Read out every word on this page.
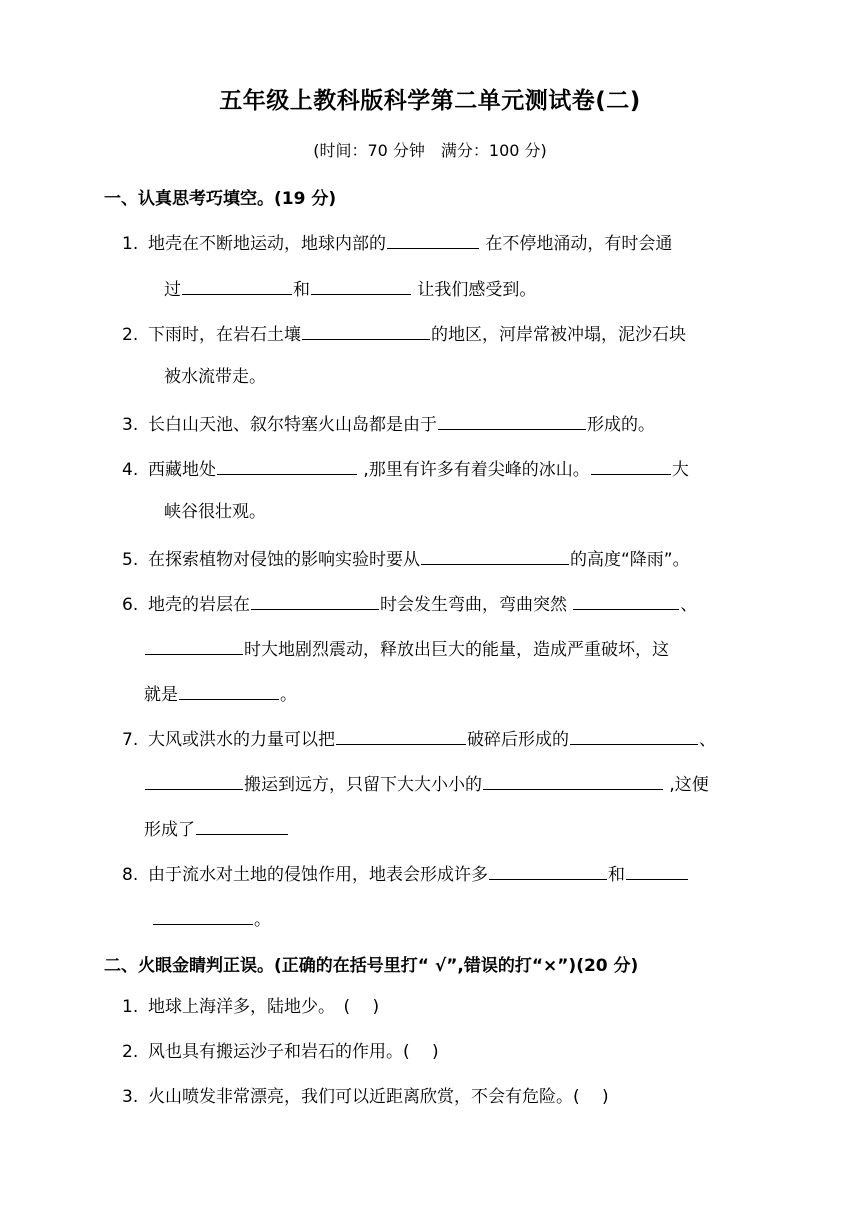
五年级上教科版科学第二单元测试卷(二)
(时间：70 分钟　满分：100 分)
一、认真思考巧填空。(19 分)
1. 地壳在不断地运动，地球内部的	在不停地涌动，有时会通
过	和	让我们感受到。
2. 下雨时，在岩石土壤	的地区，河岸常被冲塌，泥沙石块
被水流带走。
3. 长白山天池、叙尔特塞火山岛都是由于	形成的。
4. 西藏地处	,那里有许多有着尖峰的冰山。	大
峡谷很壮观。
5. 在探索植物对侵蚀的影响实验时要从	的高度“降雨”。
6. 地壳的岩层在	时会发生弯曲，弯曲突然	、
时大地剧烈震动，释放出巨大的能量，造成严重破坏，这
就是	。
7. 大风或洪水的力量可以把	破碎后形成的	、
搬运到远方，只留下大大小小的	,这便
形成了
8. 由于流水对土地的侵蚀作用，地表会形成许多	和
。
二、火眼金睛判正误。(正确的在括号里打“ √”,错误的打“×”)(20 分)
1. 地球上海洋多，陆地少。　(　 )
2. 风也具有搬运沙子和岩石的作用。(　 )
3. 火山喷发非常漂亮，我们可以近距离欣赏，不会有危险。(　 )
